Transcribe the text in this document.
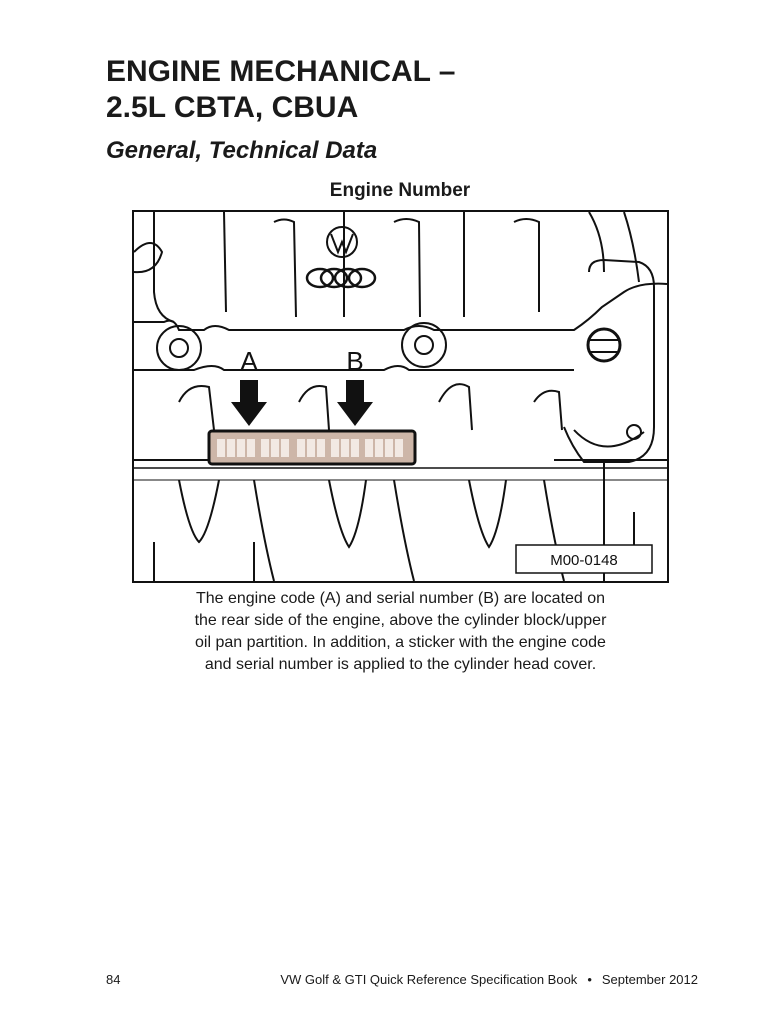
ENGINE MECHANICAL –
2.5L CBTA, CBUA
General, Technical Data
Engine Number
A	B
M00-0148

The engine code (A) and serial number (B) are located on
the rear side of the engine, above the cylinder block/upper
oil pan partition. In addition, a sticker with the engine code
and serial number is applied to the cylinder head cover.

84	VW Golf & GTI Quick Reference Specification Book • September 2012
